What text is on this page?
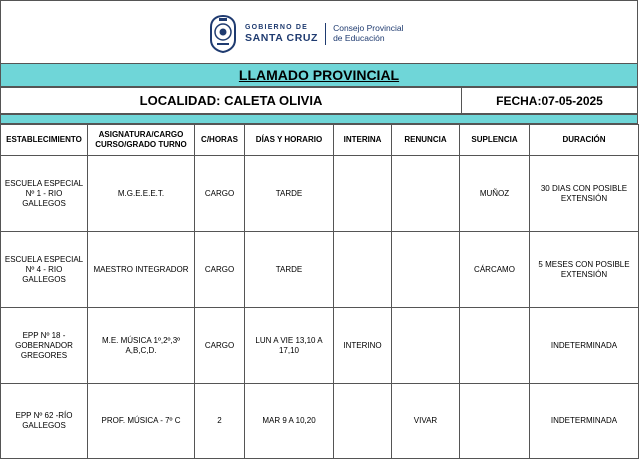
GOBIERNO DE
SANTA CRUZ
Consejo Provincial
de Educación
LLAMADO PROVINCIAL
LOCALIDAD: CALETA OLIVIA	FECHA:07-05-2025
ESTABLECIMIENTO	ASIGNATURA/CARGO CURSO/GRADO TURNO	C/HORAS	DÍAS Y HORARIO	INTERINA	RENUNCIA	SUPLENCIA	DURACIÓN
ESCUELA ESPECIAL Nº 1 - RIO GALLEGOS	M.G.E.E.E.T.	CARGO	TARDE			MUÑOZ	30 DIAS CON POSIBLE EXTENSIÓN
ESCUELA ESPECIAL Nº 4 - RIO GALLEGOS	MAESTRO INTEGRADOR	CARGO	TARDE			CÁRCAMO	5 MESES CON POSIBLE EXTENSIÓN
EPP Nº 18 - GOBERNADOR GREGORES	M.E. MÚSICA 1º,2º,3º A,B,C,D.	CARGO	LUN A VIE 13,10 A 17,10	INTERINO			INDETERMINADA
EPP Nº 62 -RÍO GALLEGOS	PROF. MÚSICA - 7º C	2	MAR 9 A 10,20		VIVAR		INDETERMINADA
